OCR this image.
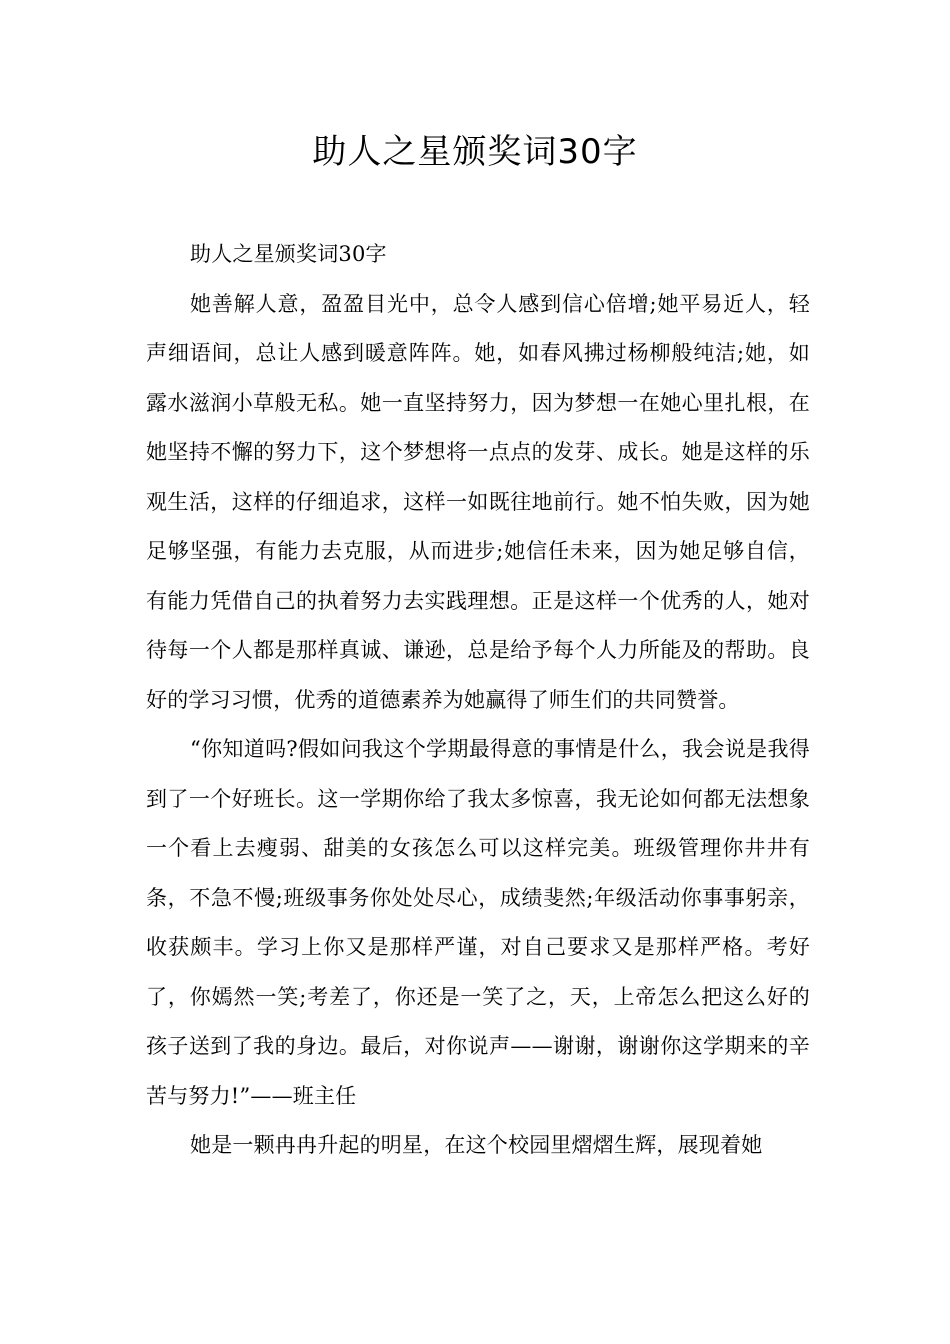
助人之星颁奖词30字

助人之星颁奖词30字

她善解人意，盈盈目光中，总令人感到信心倍增;她平易近人，轻声细语间，总让人感到暖意阵阵。她，如春风拂过杨柳般纯洁;她，如露水滋润小草般无私。她一直坚持努力，因为梦想一在她心里扎根，在她坚持不懈的努力下，这个梦想将一点点的发芽、成长。她是这样的乐观生活，这样的仔细追求，这样一如既往地前行。她不怕失败，因为她足够坚强，有能力去克服，从而进步;她信任未来，因为她足够自信，有能力凭借自己的执着努力去实践理想。正是这样一个优秀的人，她对待每一个人都是那样真诚、谦逊，总是给予每个人力所能及的帮助。良好的学习习惯，优秀的道德素养为她赢得了师生们的共同赞誉。

“你知道吗?假如问我这个学期最得意的事情是什么，我会说是我得到了一个好班长。这一学期你给了我太多惊喜，我无论如何都无法想象一个看上去瘦弱、甜美的女孩怎么可以这样完美。班级管理你井井有条，不急不慢;班级事务你处处尽心，成绩斐然;年级活动你事事躬亲，收获颇丰。学习上你又是那样严谨，对自己要求又是那样严格。考好了，你嫣然一笑;考差了，你还是一笑了之，天，上帝怎么把这么好的孩子送到了我的身边。最后，对你说声——谢谢，谢谢你这学期来的辛苦与努力!”——班主任

她是一颗冉冉升起的明星，在这个校园里熠熠生辉，展现着她
